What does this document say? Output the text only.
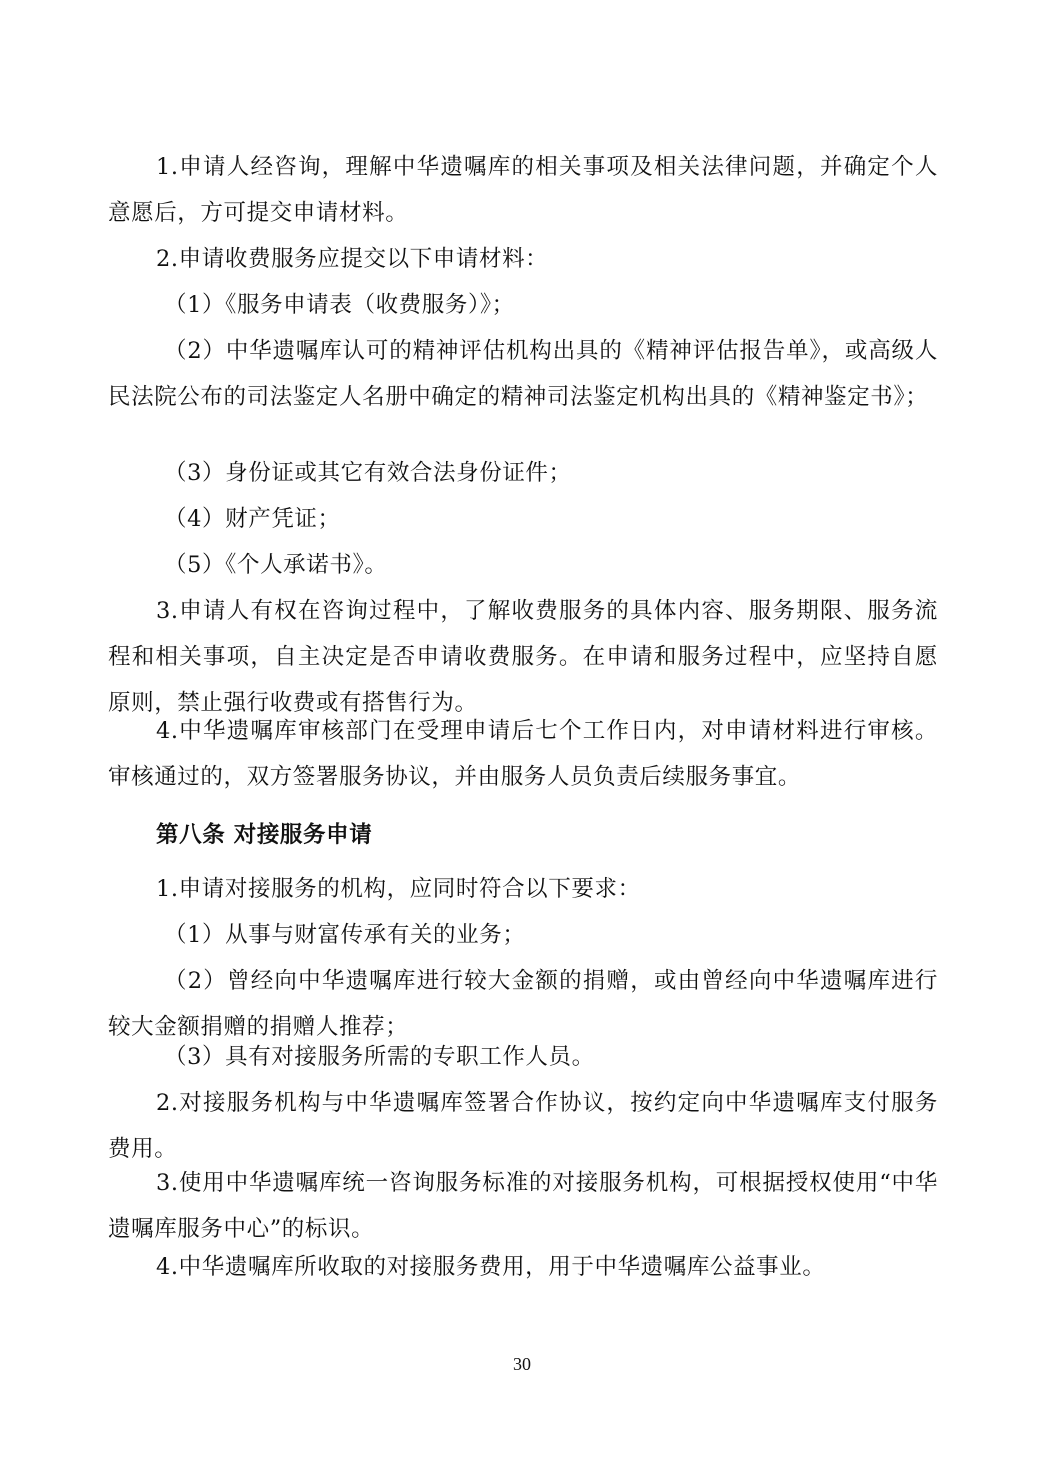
1.申请人经咨询，理解中华遗嘱库的相关事项及相关法律问题，并确定个人意愿后，方可提交申请材料。

2.申请收费服务应提交以下申请材料：

（1）《服务申请表（收费服务）》；

（2）中华遗嘱库认可的精神评估机构出具的《精神评估报告单》，或高级人民法院公布的司法鉴定人名册中确定的精神司法鉴定机构出具的《精神鉴定书》；

（3）身份证或其它有效合法身份证件；

（4）财产凭证；

（5）《个人承诺书》。

3.申请人有权在咨询过程中，了解收费服务的具体内容、服务期限、服务流程和相关事项，自主决定是否申请收费服务。在申请和服务过程中，应坚持自愿原则，禁止强行收费或有搭售行为。

4.中华遗嘱库审核部门在受理申请后七个工作日内，对申请材料进行审核。审核通过的，双方签署服务协议，并由服务人员负责后续服务事宜。

第八条 对接服务申请

1.申请对接服务的机构，应同时符合以下要求：

（1）从事与财富传承有关的业务；

（2）曾经向中华遗嘱库进行较大金额的捐赠，或由曾经向中华遗嘱库进行较大金额捐赠的捐赠人推荐；

（3）具有对接服务所需的专职工作人员。

2.对接服务机构与中华遗嘱库签署合作协议，按约定向中华遗嘱库支付服务费用。

3.使用中华遗嘱库统一咨询服务标准的对接服务机构，可根据授权使用“中华遗嘱库服务中心”的标识。

4.中华遗嘱库所收取的对接服务费用，用于中华遗嘱库公益事业。

30
